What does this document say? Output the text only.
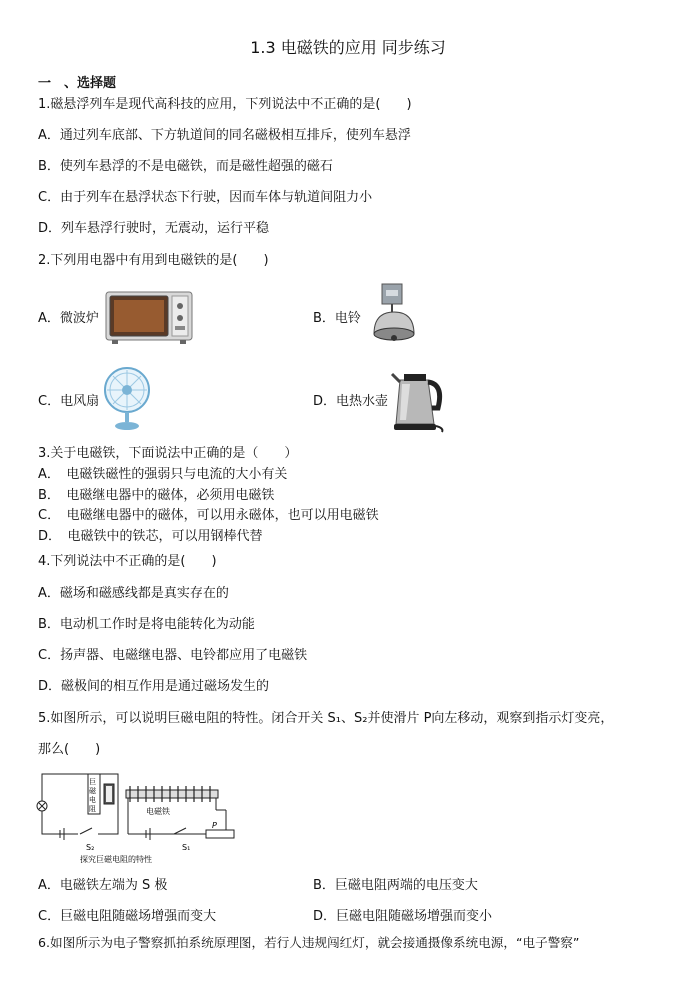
1.3 电磁铁的应用 同步练习
一　、选择题
1.磁悬浮列车是现代高科技的应用，下列说法中不正确的是(　　)
A．通过列车底部、下方轨道间的同名磁极相互排斥，使列车悬浮
B．使列车悬浮的不是电磁铁，而是磁性超强的磁石
C．由于列车在悬浮状态下行驶，因而车体与轨道间阻力小
D．列车悬浮行驶时，无震动，运行平稳
2.下列用电器中有用到电磁铁的是(　　)
A．微波炉	B．电铃
C．电风扇	D．电热水壶
3.关于电磁铁，下面说法中正确的是（　　）
A．　电磁铁磁性的强弱只与电流的大小有关
B．　电磁继电器中的磁体，必须用电磁铁
C．　电磁继电器中的磁体，可以用永磁体，也可以用电磁铁
D．　电磁铁中的铁芯，可以用钢棒代替
4.下列说法中不正确的是(　　)
A．磁场和磁感线都是真实存在的
B．电动机工作时是将电能转化为动能
C．扬声器、电磁继电器、电铃都应用了电磁铁
D．磁极间的相互作用是通过磁场发生的
5.如图所示，可以说明巨磁电阻的特性。闭合开关 S₁、S₂并使滑片 P向左移动，观察到指示灯变亮，
那么(　　)
巨磁电阻
S₂
电磁铁
S₁
P
探究巨磁电阻的特性
A．电磁铁左端为 S 极	B．巨磁电阻两端的电压变大
C．巨磁电阻随磁场增强而变大	D．巨磁电阻随磁场增强而变小
6.如图所示为电子警察抓拍系统原理图，若行人违规闯红灯，就会接通摄像系统电源，“电子警察”
